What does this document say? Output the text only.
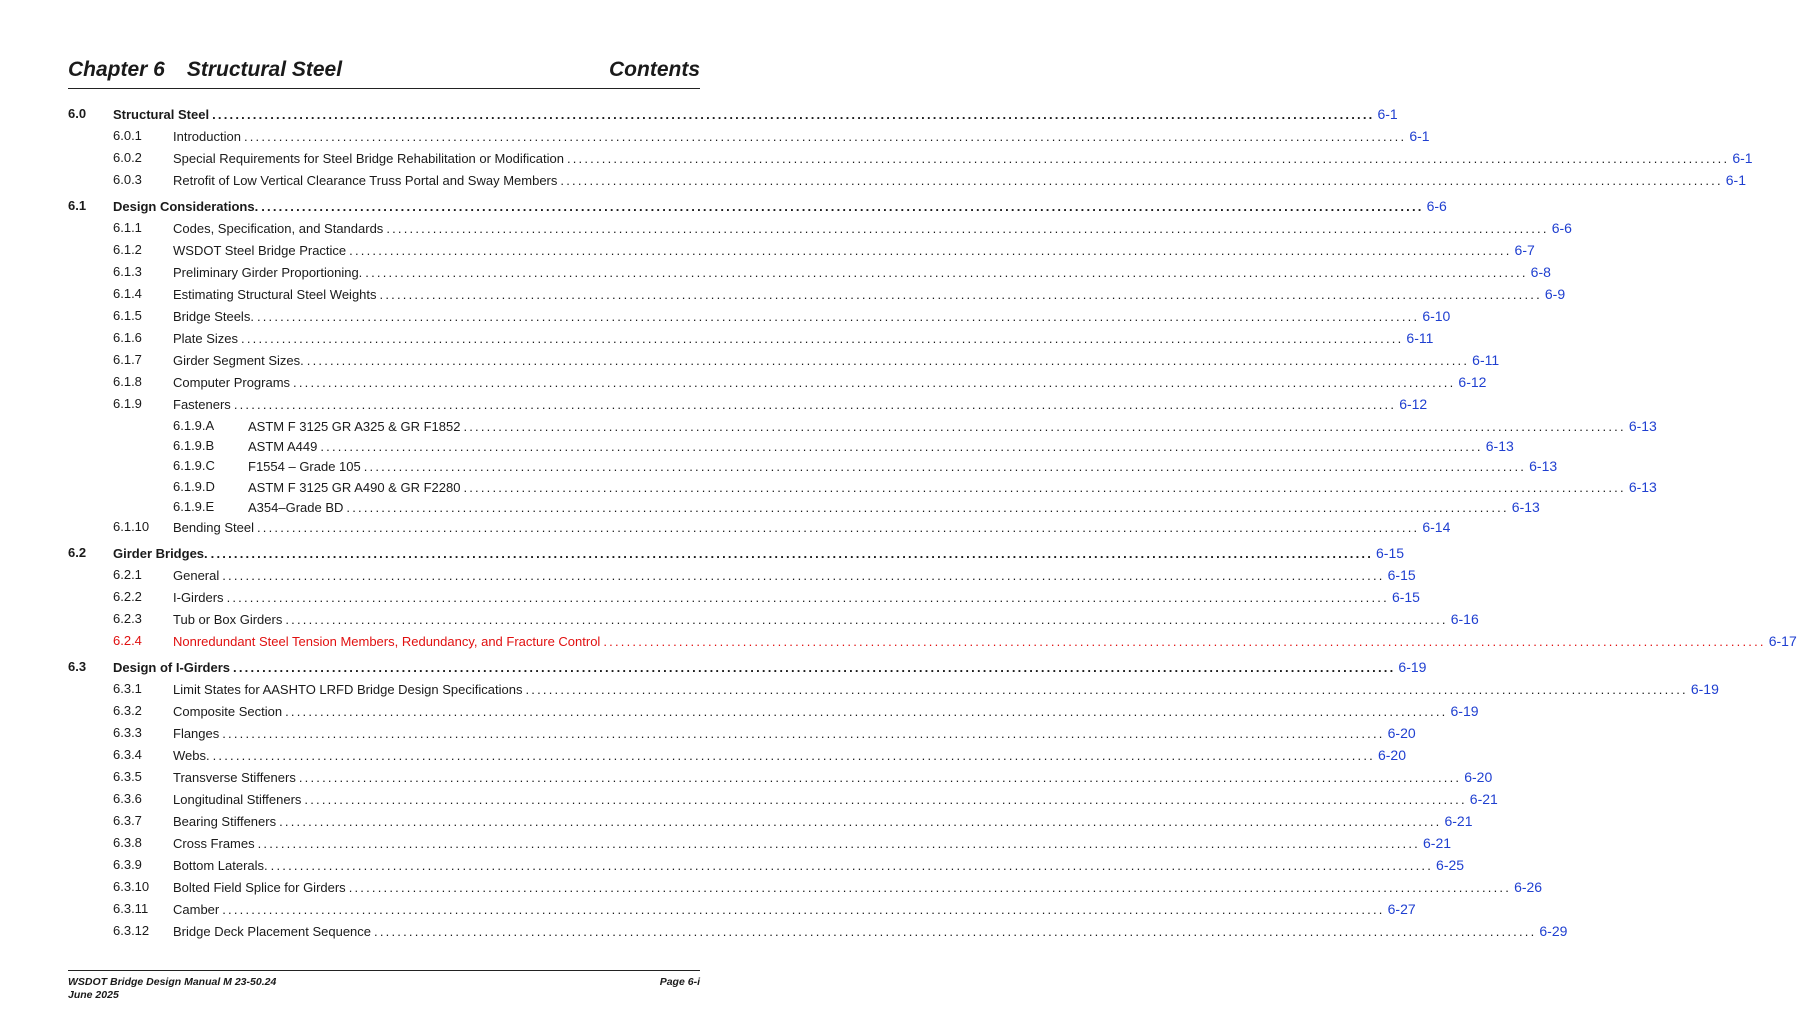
Chapter 6 Structural Steel	Contents
6.0 Structural Steel ........................................................................................................................................................................................................ 6-1
6.0.1 Introduction ........................................................................................................................................................................................................ 6-1
6.0.2 Special Requirements for Steel Bridge Rehabilitation or Modification ........................................................................................................................................................................................................ 6-1
6.0.3 Retrofit of Low Vertical Clearance Truss Portal and Sway Members ........................................................................................................................................................................................................ 6-1
6.1 Design Considerations. ........................................................................................................................................................................................................ 6-6
6.1.1 Codes, Specification, and Standards ........................................................................................................................................................................................................ 6-6
6.1.2 WSDOT Steel Bridge Practice ........................................................................................................................................................................................................ 6-7
6.1.3 Preliminary Girder Proportioning. ........................................................................................................................................................................................................ 6-8
6.1.4 Estimating Structural Steel Weights ........................................................................................................................................................................................................ 6-9
6.1.5 Bridge Steels. ........................................................................................................................................................................................................ 6-10
6.1.6 Plate Sizes ........................................................................................................................................................................................................ 6-11
6.1.7 Girder Segment Sizes. ........................................................................................................................................................................................................ 6-11
6.1.8 Computer Programs ........................................................................................................................................................................................................ 6-12
6.1.9 Fasteners ........................................................................................................................................................................................................ 6-12
6.1.9.A	ASTM F 3125 GR A325 & GR F1852 ........................................................................................................................................................................................................ 6-13
6.1.9.B	ASTM A449 ........................................................................................................................................................................................................ 6-13
6.1.9.C	F1554 – Grade 105 ........................................................................................................................................................................................................ 6-13
6.1.9.D	ASTM F 3125 GR A490 & GR F2280 ........................................................................................................................................................................................................ 6-13
6.1.9.E	A354–Grade BD ........................................................................................................................................................................................................ 6-13
6.1.10 Bending Steel ........................................................................................................................................................................................................ 6-14
6.2 Girder Bridges. ........................................................................................................................................................................................................ 6-15
6.2.1 General ........................................................................................................................................................................................................ 6-15
6.2.2 I-Girders ........................................................................................................................................................................................................ 6-15
6.2.3 Tub or Box Girders ........................................................................................................................................................................................................ 6-16
6.2.4 Nonredundant Steel Tension Members, Redundancy, and Fracture Control ........................................................................................................................................................................................................ 6-17
6.3 Design of I-Girders ........................................................................................................................................................................................................ 6-19
6.3.1 Limit States for AASHTO LRFD Bridge Design Specifications ........................................................................................................................................................................................................ 6-19
6.3.2 Composite Section ........................................................................................................................................................................................................ 6-19
6.3.3 Flanges ........................................................................................................................................................................................................ 6-20
6.3.4 Webs. ........................................................................................................................................................................................................ 6-20
6.3.5 Transverse Stiffeners ........................................................................................................................................................................................................ 6-20
6.3.6 Longitudinal Stiffeners ........................................................................................................................................................................................................ 6-21
6.3.7 Bearing Stiffeners ........................................................................................................................................................................................................ 6-21
6.3.8 Cross Frames ........................................................................................................................................................................................................ 6-21
6.3.9 Bottom Laterals. ........................................................................................................................................................................................................ 6-25
6.3.10 Bolted Field Splice for Girders ........................................................................................................................................................................................................ 6-26
6.3.11 Camber ........................................................................................................................................................................................................ 6-27
6.3.12 Bridge Deck Placement Sequence ........................................................................................................................................................................................................ 6-29
WSDOT Bridge Design Manual M 23-50.24
June 2025
Page 6-i
